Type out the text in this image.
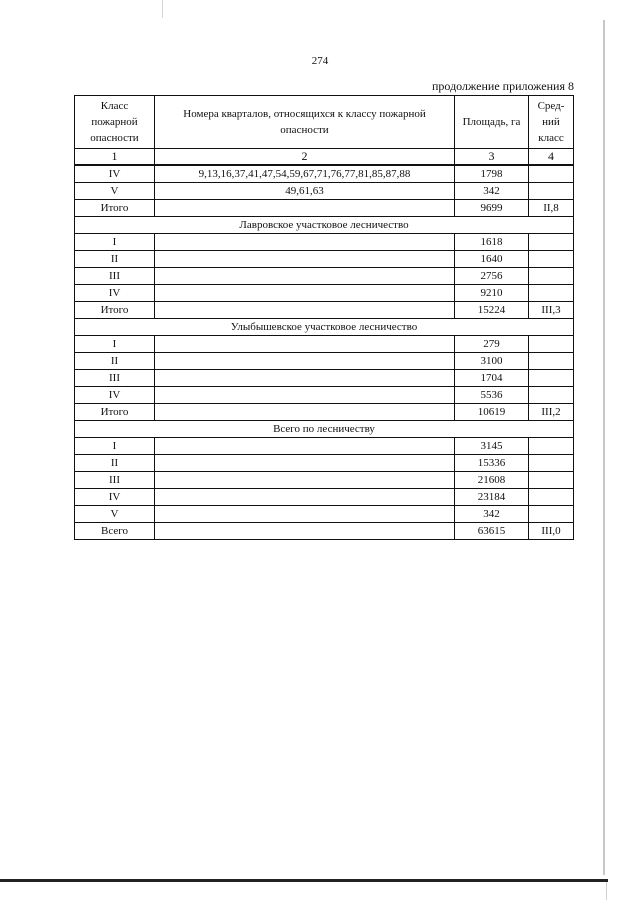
274
продолжение приложения 8
Класс пожарной опасности	Номера кварталов, относящихся к классу пожарной опасности	Площадь, га	Сред-ний класс
1	2	3	4
IV	9,13,16,37,41,47,54,59,67,71,76,77,81,85,87,88	1798	
V	49,61,63	342	
Итого		9699	II,8
Лавровское участковое лесничество			
I		1618	
II		1640	
III		2756	
IV		9210	
Итого		15224	III,3
Улыбышевское участковое лесничество			
I		279	
II		3100	
III		1704	
IV		5536	
Итого		10619	III,2
Всего по лесничеству			
I		3145	
II		15336	
III		21608	
IV		23184	
V		342	
Всего		63615	III,0
